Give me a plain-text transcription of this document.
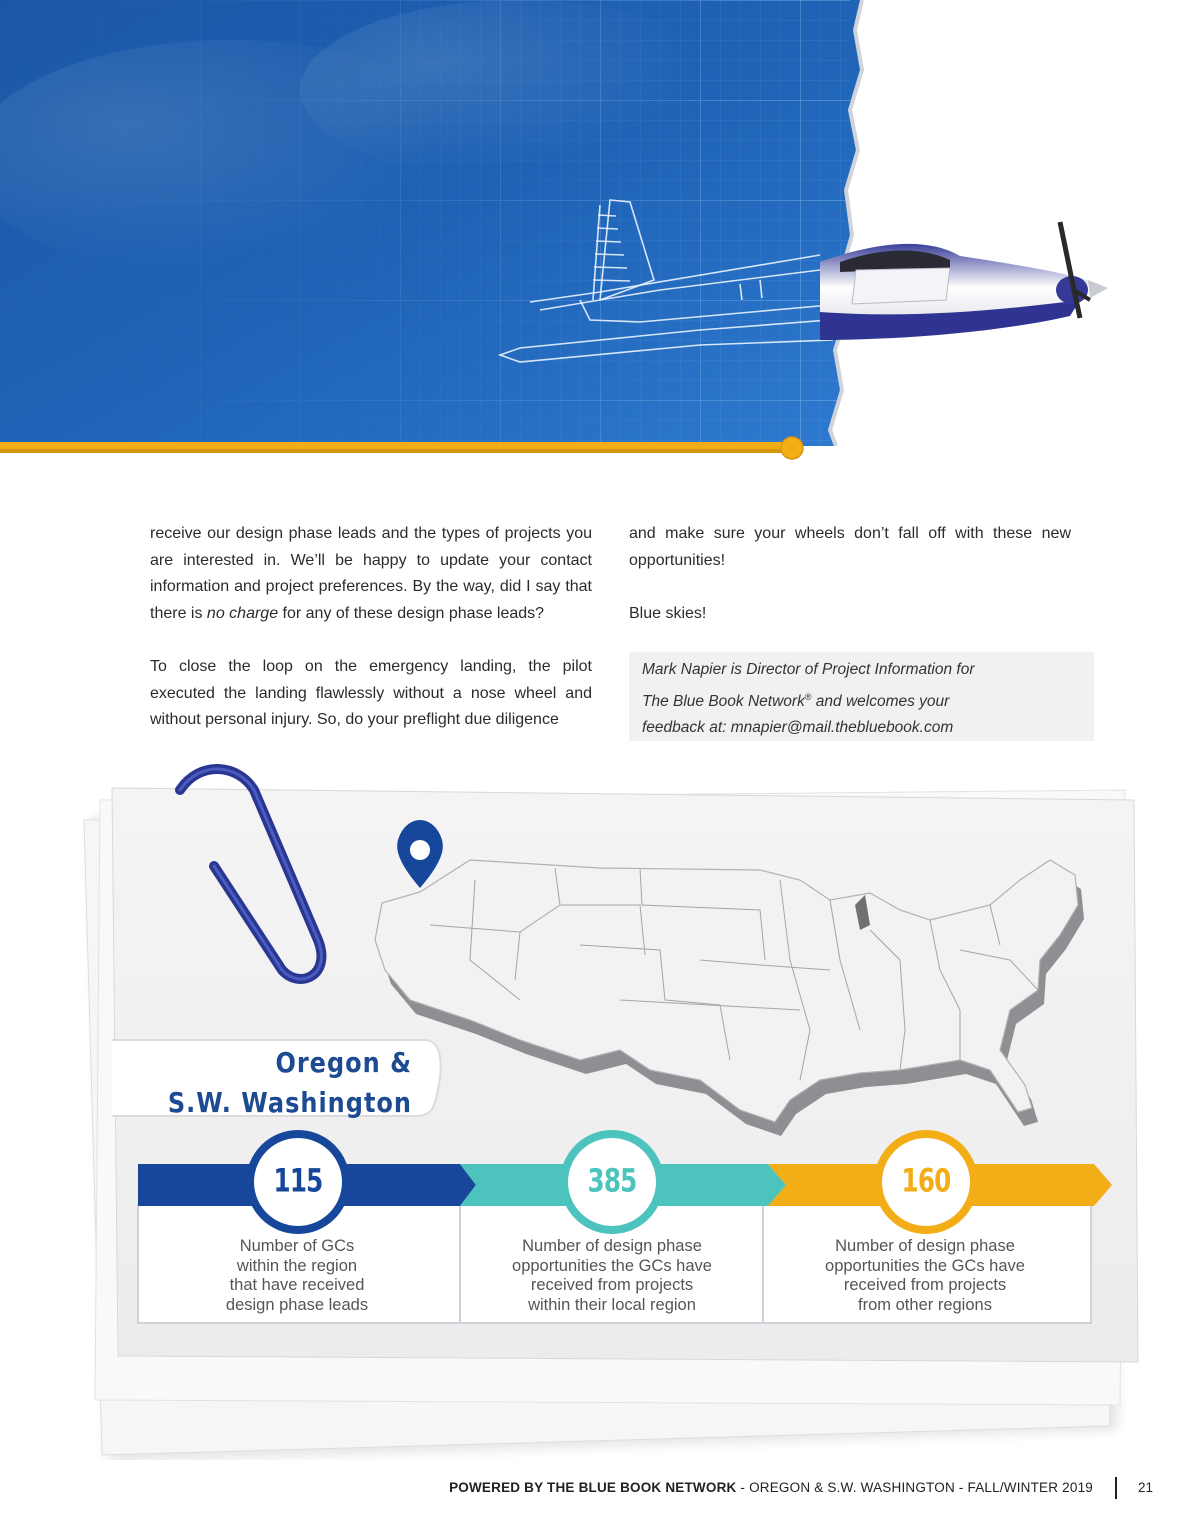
receive our design phase leads and the types of projects you are interested in. We’ll be happy to update your contact information and project preferences. By the way, did I say that there is no charge for any of these design phase leads?

To close the loop on the emergency landing, the pilot executed the landing flawlessly without a nose wheel and without personal injury. So, do your preflight due diligence

and make sure your wheels don’t fall off with these new opportunities!

Blue skies!

Mark Napier is Director of Project Information for
The Blue Book Network® and welcomes your
feedback at: mnapier@mail.thebluebook.com
Oregon &
S.W. Washington
115	385	160
Number of GCs
within the region
that have received
design phase leads
Number of design phase
opportunities the GCs have
received from projects
within their local region
Number of design phase
opportunities the GCs have
received from projects
from other regions
POWERED BY THE BLUE BOOK NETWORK - OREGON & S.W. WASHINGTON - FALL/WINTER 2019	21
